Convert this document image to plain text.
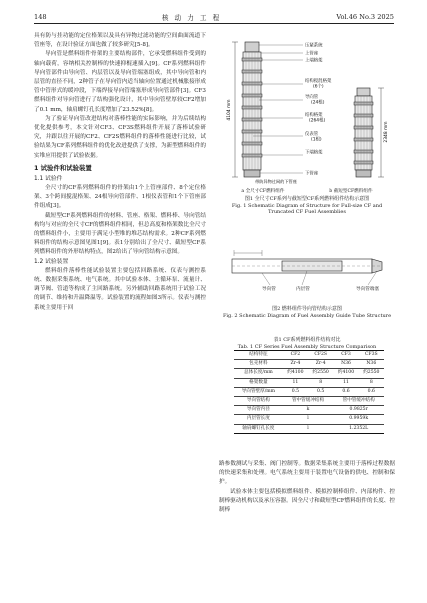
148	核 动 力 工 程	Vol.46 No.3 2025

具有防与挂功能的定位格架以及具有异物过滤功能的空间曲面流道下管座等，在设计验证方面也做了较多研究[5-8]。

导向管是燃料组件骨架的主要结构部件，它承受燃料组件受到的轴向载荷，容纳相关控制棒的快速抑棍速插入[9]。CF系列燃料组件导向管部件由导向管、内层管以及导向管端塞组成，其中导向管和内层管的直径不同，2种管子在导向管内适当轴向位置通过机械胀接形成管中管形式的缓冲段，下端焊接导向管端塞形成导向管部件[3]。CF3燃料组件对导向管进行了结构强化设计，其中导向管壁厚较CF2增加了0.1 mm，轴肩螺钉孔长度增加了23.52%[8]。

为了验证导向管改进结构对落棒性能的实际影响，并为后续结构优化提供参考，本文针对CF3、CF3S燃料组件开展了落棒试验研究，并跟以往开展的CF2、CF2S燃料组件的落棒性能进行比较，试验结果为CF系列燃料组件的优化改进提供了支撑，为新型燃料组件的实堆应用提供了试验依据。

1 试验件和试验装置
1.1 试验件

全尺寸的CF系列燃料组件的骨架由1个上管座部件、8个定位格架、3个跨间搅混格架、24根导向管部件、1根仪表管和1个下管座部件组成[3]。

截短型CF系列燃料组件的材料、管座、格架、燃料棒、导向管结构均与对应的全尺寸CF的燃料组件相同，但总高度和格架数比全尺寸的燃料组件小，主要用于满足小型堆的堆芯结构需求。2种CF系列燃料组件的结构示意图见图1[9]。表1分别给出了全尺寸、截短型CF系列燃料组件的外形结构特点，图2给出了导向管结构示意图。

1.2 试验装置

燃料组件落棒性能试验装置主要包括回路系统、仪表与测控系统、数据采集系统、电气系统。其中试验本体、主循环泵、流量计、调节阀、管道等构成了主回路系统。另外辅助回路系统用于试验工况的调节、维持和升温降温等。试验装置的流程如图3所示。仪表与测控系统主要用于回

4104 mm
压紧系统
上管座
上端格架
结构搅混格架
(6个)
导向管
(24根)
结构格架
(264根)
下端格架
下管座
仪表管
(1根)	2348 mm
带防异物过网的下管座
a 全尺寸CF燃料组件	b 截短型CF燃料组件

图1 全尺寸CF系列与截短型CF系列燃料组件结构示意图

Fig. 1 Schematic Diagram of Structure for Full-size CF and Truncated CF Fuel Assemblies

内层管
导向管	导向管端塞

图2 燃料组件导向管结构示意图

Fig. 2 Schematic Diagram of Fuel Assembly Guide Tube Structure

表1 CF系列燃料组件结构对比

Tab. 1 CF Series Fuel Assembly Structure Comparison

结构特征	CF2	CF2S	CF3	CF3S
包壳材料	Zr-4	Zr-4	N36	N36
总体长度/mm	约4100	约2550	约4100	约2550
格架数量	11	8	11	8
导向管壁厚/mm	0.5	0.5	0.6	0.6
导向管结构	管中管缓冲结构		管中管缓冲结构	
导向管内径	k		0.9825r	
内层管长度	l		0.9959k	
轴肩螺钉孔长度	l		1.2352L	

路参数测试与采集、阀门控制等。数据采集系统主要用于落棒过程数据的快速采集和处理。电气系统主要用于装置电气设备的供电、控制和保护。

试验本体主要包括模拟燃料组件、模拟控制棒组件、内部构件、控制棒驱动机构以及承压容器。因全尺寸和截短型CF燃料组件的长度、控制棒
